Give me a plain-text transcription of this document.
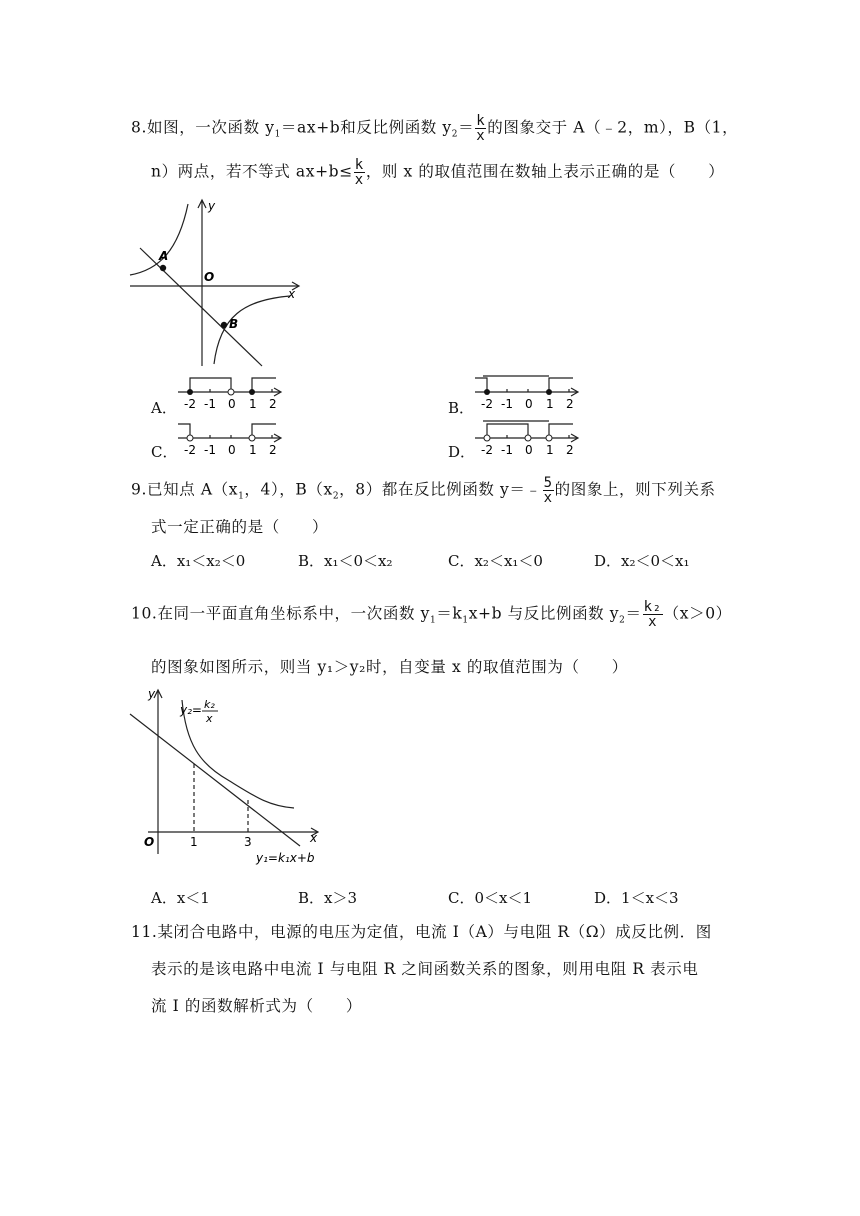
8.如图，一次函数 $y_1=ax+b$和反比例函数 $y_2= \frac{k}{x}$ 的图象交于 A（﹣2，m），B（1，
n）两点，若不等式 $ax+b\le \frac{k}{x}$ ，则 x 的取值范围在数轴上表示正确的是（　　）
y
x
O
A
B
A． -2 -1 0 1 2	B． -2 -1 0 1 2
C． -2 -1 0 1 2	D． -2 -1 0 1 2
9.已知点 $A(x_1$，4），$B(x_2$，8）都在反比例函数 y＝﹣ $\frac{5}{x}$ 的图象上，则下列关系
式一定正确的是（　　）
A．x₁＜x₂＜0	B．x₁＜0＜x₂	C．x₂＜x₁＜0	D．x₂＜0＜x₁
10.在同一平面直角坐标系中，一次函数 $y_1=k_1x+b$ 与反比例函数 $y_2= \frac{\text{k₂}}{x} (x>0)$
的图象如图所示，则当 y₁＞y₂时，自变量 x 的取值范围为（　　）
y
x
O	1	3
y₂= k₂
x
y₁=k₁x+b
A．x＜1	B．x＞3	C．0＜x＜1	D．1＜x＜3
11.某闭合电路中，电源的电压为定值，电流 I（A）与电阻 R（Ω）成反比例．图
表示的是该电路中电流 I 与电阻 R 之间函数关系的图象，则用电阻 R 表示电
流 I 的函数解析式为（　　）
